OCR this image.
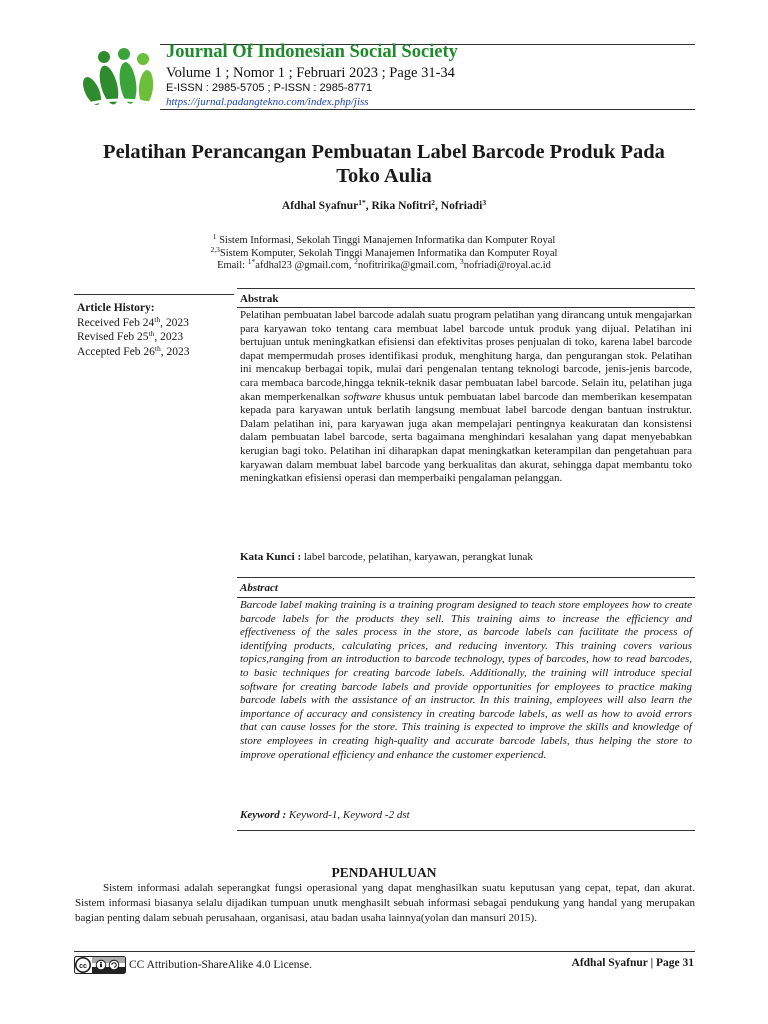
Journal Of Indonesian Social Society
Volume 1 ; Nomor 1 ; Februari 2023 ; Page 31-34
E-ISSN : 2985-5705 ; P-ISSN : 2985-8771
https://jurnal.padangtekno.com/index.php/jiss
Pelatihan Perancangan Pembuatan Label Barcode Produk Pada
Toko Aulia
Afdhal Syafnur$^{1*}$, Rika Nofitri$^2$, Nofriadi$^3$
$^1$ Sistem Informasi, Sekolah Tinggi Manajemen Informatika dan Komputer Royal
$^{2,3}$Sistem Komputer, Sekolah Tinggi Manajemen Informatika dan Komputer Royal
Email: $^{1*}$afdhal23 @gmail.com, $^2$nofitririka@gmail.com, $^3$nofriadi@royal.ac.id
Article History:
Received Feb 24th, 2023
Revised Feb 25th, 2023
Accepted Feb 26th, 2023
Abstrak
Pelatihan pembuatan label barcode adalah suatu program pelatihan yang dirancang untuk mengajarkan para karyawan toko tentang cara membuat label barcode untuk produk yang dijual. Pelatihan ini bertujuan untuk meningkatkan efisiensi dan efektivitas proses penjualan di toko, karena label barcode dapat mempermudah proses identifikasi produk, menghitung harga, dan pengurangan stok. Pelatihan ini mencakup berbagai topik, mulai dari pengenalan tentang teknologi barcode, jenis-jenis barcode, cara membaca barcode,hingga teknik-teknik dasar pembuatan label barcode. Selain itu, pelatihan juga akan memperkenalkan software khusus untuk pembuatan label barcode dan memberikan kesempatan kepada para karyawan untuk berlatih langsung membuat label barcode dengan bantuan instruktur. Dalam pelatihan ini, para karyawan juga akan mempelajari pentingnya keakuratan dan konsistensi dalam pembuatan label barcode, serta bagaimana menghindari kesalahan yang dapat menyebabkan kerugian bagi toko. Pelatihan ini diharapkan dapat meningkatkan keterampilan dan pengetahuan para karyawan dalam membuat label barcode yang berkualitas dan akurat, sehingga dapat membantu toko meningkatkan efisiensi operasi dan memperbaiki pengalaman pelanggan.
Kata Kunci : label barcode, pelatihan, karyawan, perangkat lunak
Abstract
Barcode label making training is a training program designed to teach store employees how to create barcode labels for the products they sell. This training aims to increase the efficiency and effectiveness of the sales process in the store, as barcode labels can facilitate the process of identifying products, calculating prices, and reducing inventory. This training covers various topics,ranging from an introduction to barcode technology, types of barcodes, how to read barcodes, to basic techniques for creating barcode labels. Additionally, the training will introduce special software for creating barcode labels and provide opportunities for employees to practice making barcode labels with the assistance of an instructor. In this training, employees will also learn the importance of accuracy and consistency in creating barcode labels, as well as how to avoid errors that can cause losses for the store. This training is expected to improve the skills and knowledge of store employees in creating high-quality and accurate barcode labels, thus helping the store to improve operational efficiency and enhance the customer experiencd.
Keyword : Keyword-1, Keyword -2 dst
PENDAHULUAN
Sistem informasi adalah seperangkat fungsi operasional yang dapat menghasilkan suatu keputusan yang cepat, tepat, dan akurat. Sistem informasi biasanya selalu dijadikan tumpuan unutk menghasilt sebuah informasi sebagai pendukung yang handal yang merupakan bagian penting dalam sebuah perusahaan, organisasi, atau badan usaha lainnya(yolan dan mansuri 2015).
cc	CC Attribution-ShareAlike 4.0 License.	Afdhal Syafnur | Page 31
